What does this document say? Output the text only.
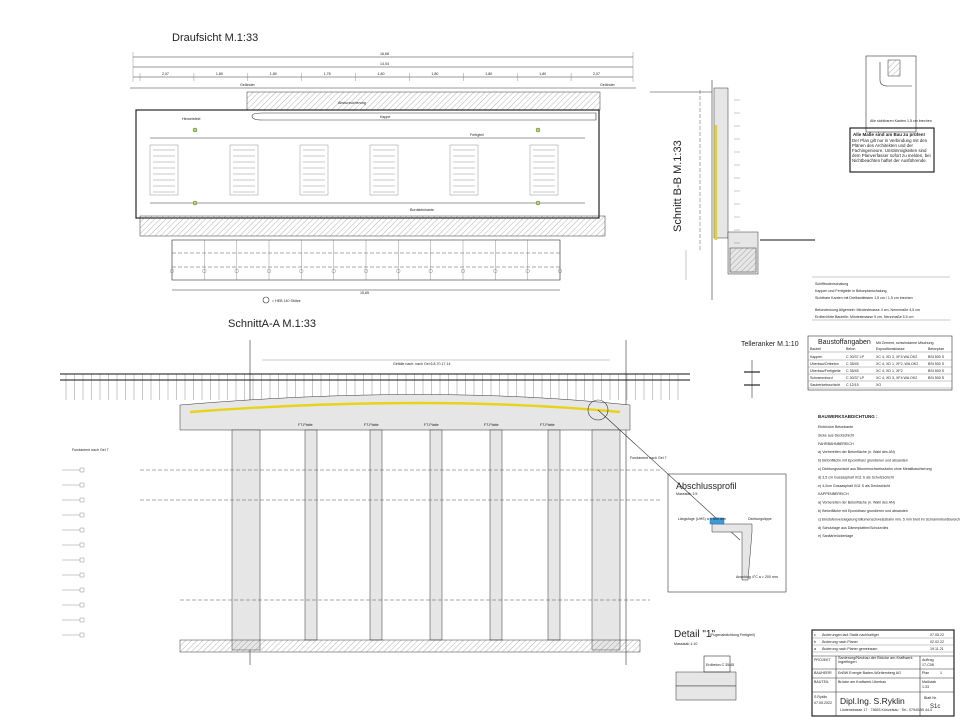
Draufsicht M.1:33
16,68
14,04
2,07	1,80	1,80	1,78	1,80	1,80	1,80	1,80	2,07
Geländer	Geländer
Absturzsicherung
Kappe
Bordsteinkante
Fertigteil
Hinweisfeld
15,65
= HEB 140 Stütze
Schnitt B-B M.1:33
Alle sichtbaren Kanten 1,5 cm brechen
Alle Maße sind am Bau zu prüfen!
Der Plan gilt nur in Verbindung mit den Plänen des Architekten und der Fachingenieure. Unstimmigkeiten sind dem Planverfasser sofort zu melden, bei Nichtbeachten haftet der Ausführende.
Schiffbodenschalung
Kappen und Fertigteile in Betonplanschalung
Sichtbare Kanten mit Dreikantleisten 1,5 cm / 1,5 cm brechen
Betondeckung Allgemein: Mindestmasse 4 cm, Nennmaße 4,5 cm
Erdberührte Bauteile: Mindestmasse 5 cm, Nennmaße 5,5 cm
SchnittA-A M.1:33
Gefälle nach: nach Gel 6.8.70.17.14
FT-Platte	FT-Platte	FT-Platte	FT-Platte	FT-Platte
Fundament nach Gel 7
Fundament nach Gel 7
Telleranker M.1:10	Baustoffangaben Mit Zement, schwindarme Mischung
Bauteil	Beton	Expositionsklasse	Betonplan
Kappen	C 30/37 LP	XC 4, XD 3, XF4 WA OK2	BSt 500 S
Überbau/Ortbeton C 35/45	XC 4, XD 1, XF2, WA OK2	BSt 500 S
Überbau/Fertigteile C 35/45	XC 4, XD 1, XF2	BSt 500 S
Schrammbord	C 30/37 LP	XC 4, XD 3, XF4 WA OK2	BSt 500 S
Sauberkeitsschicht C 12/15	XO
BAUWERKSABDICHTUNG :
Einbrücke Betonkante
Sicke aus Deckschicht
FAHRBAHNBEREICH
a) Vorbereiten der Betonfläche (n. Wahl des AN)
b) Betonfläche mit Epoxidharz grundieren und absanden
c) Dichtungsschicht aus Bitumenschweissbahn ohne Metallkaschierung
d) 3,5 cm Gussasphalt 0/11 S als Schutzschicht
e) 4,0cm Gussasphalt 0/11 S als Deckschicht
KAPPENBEREICH
a) Vorbereiten der Betonfläche (n. Wahl des AN)
b) Betonfläche mit Epoxidharz grundieren und absanden
c) Einstufenversiegelung Bitumenschweissbahn min. 5 mm breit im Schrammbordbereich
d) Schutzlage aus Dämmplatten/Schutzvlies
e) Sanitärbrückenlage
Abschlussprofil
Massstab 1:5
Längsfuge (UHS) a = 500 mm	Dichtungslippe
Anschlag 4°C a = 200 mm
Detail "1"
(Fugenabdichtung Fertigteil)
Massstab 1:10
Erdbeton C 35/45
c Änderungen laut Statik nachhaltiger	07.05.22
b Änderung nach Planer	02.02.22
a Änderung nach Planer gemeinsam	19.11.21
PROJEKT Sanierung/Neubau der Brücke am Kraftwerk Ingelfingen
Auftrag
17-C08
BAUHERR EnBW Energie Baden-Württemberg AG	Plan	1
BAUTEIL	Brücke am Kraftwerk Überbau	Maßstab
1:33
S.Ryklin
07.05.2022 Dipl.Ing. S.Ryklin
Lindenstrasse 17 · 74653 Künzelsau · Tel.: 07940/55 44-0
Blatt Nr.
S1c
